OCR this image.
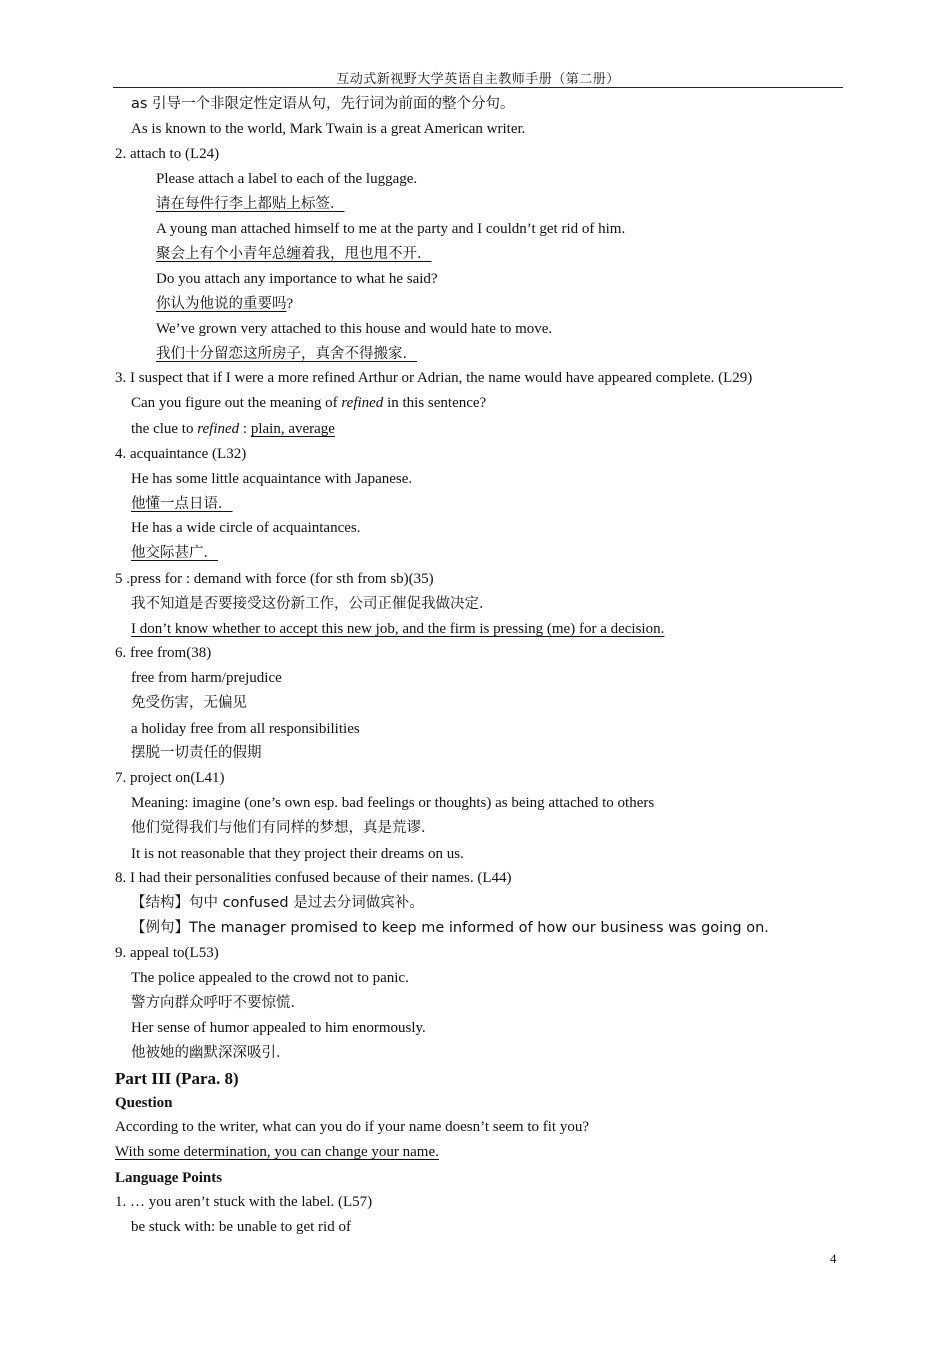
互动式新视野大学英语自主教师手册（第二册）
as 引导一个非限定性定语从句，先行词为前面的整个分句。
As is known to the world, Mark Twain is a great American writer.
2. attach to (L24)
Please attach a label to each of the luggage.
请在每件行李上都贴上标签．
A young man attached himself to me at the party and I couldn’t get rid of him.
聚会上有个小青年总缠着我，甩也甩不开．
Do you attach any importance to what he said?
你认为他说的重要吗?
We’ve grown very attached to this house and would hate to move.
我们十分留恋这所房子，真舍不得搬家．
3. I suspect that if I were a more refined Arthur or Adrian, the name would have appeared complete. (L29)
Can you figure out the meaning of refined in this sentence?
the clue to refined : plain, average
4. acquaintance (L32)
He has some little acquaintance with Japanese.
他懂一点日语．
He has a wide circle of acquaintances.
他交际甚广．
5 .press for : demand with force (for sth from sb)(35)
我不知道是否要接受这份新工作，公司正催促我做决定．
I don’t know whether to accept this new job, and the firm is pressing (me) for a decision.
6. free from(38)
free from harm/prejudice
免受伤害，无偏见
a holiday free from all responsibilities
摆脱一切责任的假期
7. project on(L41)
Meaning: imagine (one’s own esp. bad feelings or thoughts) as being attached to others
他们觉得我们与他们有同样的梦想，真是荒谬．
It is not reasonable that they project their dreams on us.
8. I had their personalities confused because of their names. (L44)
【结构】句中 confused 是过去分词做宾补。
【例句】The manager promised to keep me informed of how our business was going on.
9. appeal to(L53)
The police appealed to the crowd not to panic.
警方向群众呼吁不要惊慌．
Her sense of humor appealed to him enormously.
他被她的幽默深深吸引．
Part III (Para. 8)
Question
According to the writer, what can you do if your name doesn’t seem to fit you?
With some determination, you can change your name.
Language Points
1. … you aren’t stuck with the label. (L57)
be stuck with: be unable to get rid of
4
